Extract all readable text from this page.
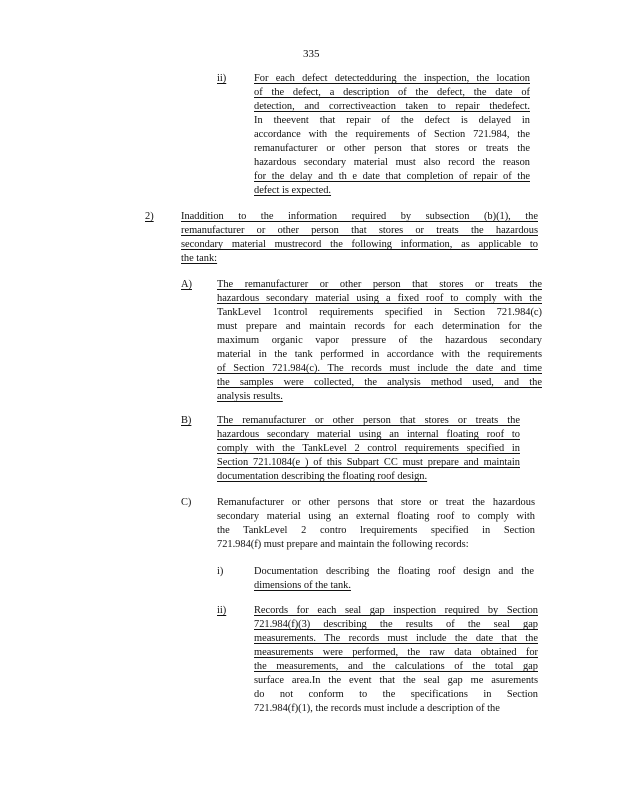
335
ii)	For each defect detectedduring the inspection, the location
of the defect, a description of the defect, the date of
detection, and correctiveaction taken to repair thedefect.
In theevent that repair of the defect is delayed in
accordance with the requirements of Section 721.984, the
remanufacturer or other person that stores or treats the
hazardous secondary material must also record the reason
for the delay and th e date that completion of repair of the
defect is expected.
2)	Inaddition to the information required by subsection (b)(1), the
remanufacturer or other person that stores or treats the hazardous
secondary material mustrecord the following information, as applicable to
the tank:
A) The remanufacturer or other person that stores or treats the
hazardous secondary material using a fixed roof to comply with the
TankLevel 1control requirements specified in Section 721.984(c)
must prepare and maintain records for each determination for the
maximum organic vapor pressure of the hazardous secondary
material in the tank performed in accordance with the requirements
of Section 721.984(c). The records must include the date and time
the samples were collected, the analysis method used, and the
analysis results.
B) The remanufacturer or other person that stores or treats the
hazardous secondary material using an internal floating roof to
comply with the TankLevel 2 control requirements specified in
Section 721.1084(e ) of this Subpart CC must prepare and maintain
documentation describing the floating roof design.
C) Remanufacturer or other persons that store or treat the hazardous
secondary material using an external floating roof to comply with
the TankLevel 2 contro lrequirements specified in Section
721.984(f) must prepare and maintain the following records:
i)	Documentation describing the floating roof design and the
dimensions of the tank.
ii)	Records for each seal gap inspection required by Section
721.984(f)(3) describing the results of the seal gap
measurements. The records must include the date that the
measurements were performed, the raw data obtained for
the measurements, and the calculations of the total gap
surface area.In the event that the seal gap me asurements
do not conform to the specifications in Section
721.984(f)(1), the records must include a description of the
